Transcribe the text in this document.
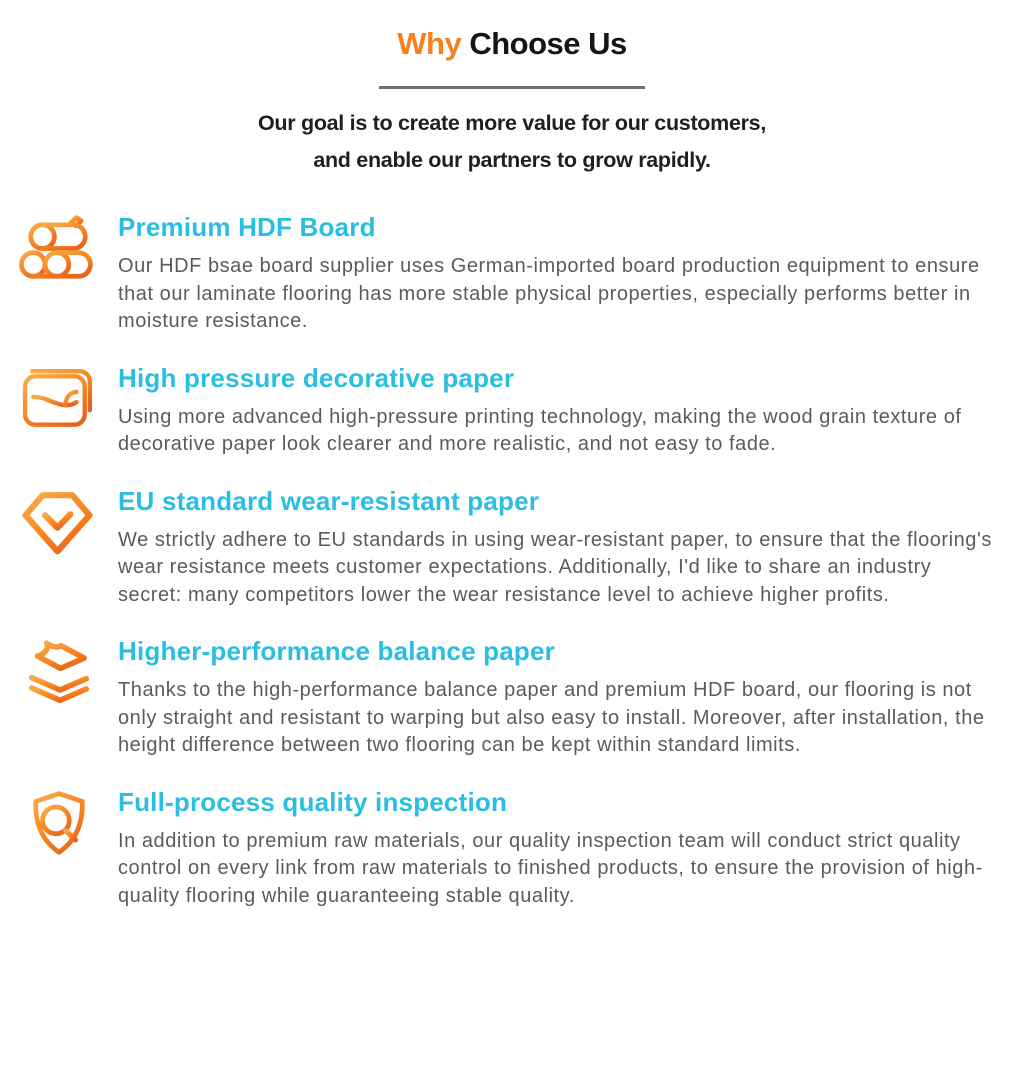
Why Choose Us
Our goal is to create more value for our customers,
and enable our partners to grow rapidly.
Premium HDF Board
Our HDF bsae board supplier uses German-imported board production equipment to ensure that our laminate flooring has more stable physical properties, especially performs better in moisture resistance.
High pressure decorative paper
Using more advanced high-pressure printing technology, making the wood grain texture of decorative paper look clearer and more realistic, and not easy to fade.
EU standard wear-resistant paper
We strictly adhere to EU standards in using wear-resistant paper, to ensure that the flooring's wear resistance meets customer expectations. Additionally, I'd like to share an industry secret: many competitors lower the wear resistance level to achieve higher profits.
Higher-performance balance paper
Thanks to the high-performance balance paper and premium HDF board, our flooring is not only straight and resistant to warping but also easy to install. Moreover, after installation, the height difference between two flooring can be kept within standard limits.
Full-process quality inspection
In addition to premium raw materials, our quality inspection team will conduct strict quality control on every link from raw materials to finished products, to ensure the provision of high-quality flooring while guaranteeing stable quality.
